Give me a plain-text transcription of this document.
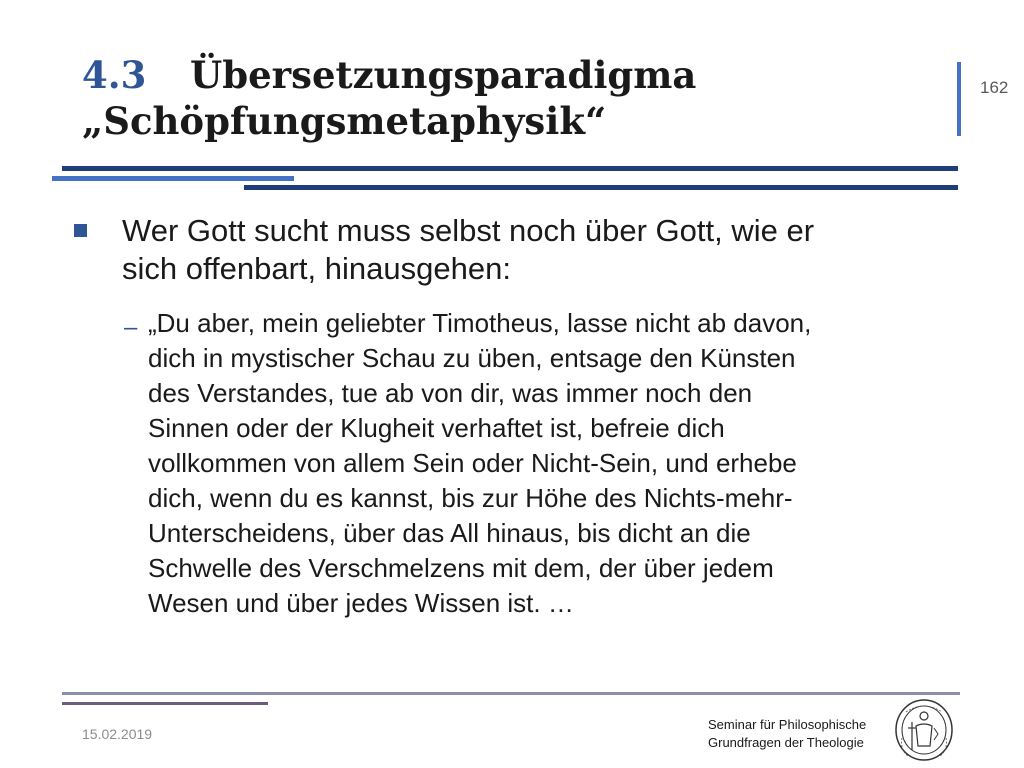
4.3 Übersetzungsparadigma
„Schöpfungsmetaphysik“
162
Wer Gott sucht muss selbst noch über Gott, wie er
sich offenbart, hinausgehen:
– „Du aber, mein geliebter Timotheus, lasse nicht ab davon,
dich in mystischer Schau zu üben, entsage den Künsten
des Verstandes, tue ab von dir, was immer noch den
Sinnen oder der Klugheit verhaftet ist, befreie dich
vollkommen von allem Sein oder Nicht-Sein, und erhebe
dich, wenn du es kannst, bis zur Höhe des Nichts-mehr-
Unterscheidens, über das All hinaus, bis dicht an die
Schwelle des Verschmelzens mit dem, der über jedem
Wesen und über jedes Wissen ist. …
15.02.2019
Seminar für Philosophische
Grundfragen der Theologie
